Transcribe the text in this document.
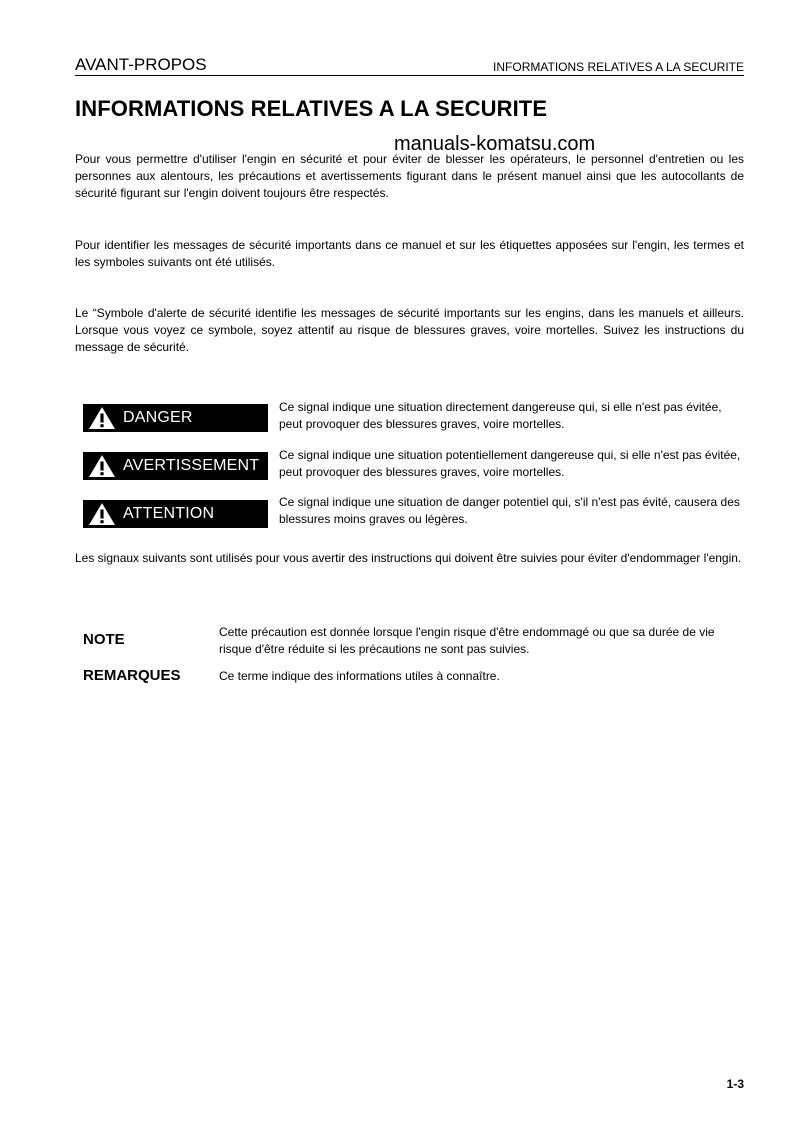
AVANT-PROPOS	INFORMATIONS RELATIVES A LA SECURITE
INFORMATIONS RELATIVES A LA SECURITE
manuals-komatsu.com

Pour vous permettre d'utiliser l'engin en sécurité et pour éviter de blesser les opérateurs, le personnel d'entretien ou les personnes aux alentours, les précautions et avertissements figurant dans le présent manuel ainsi que les autocollants de sécurité figurant sur l'engin doivent toujours être respectés.

Pour identifier les messages de sécurité importants dans ce manuel et sur les étiquettes apposées sur l'engin, les termes et les symboles suivants ont été utilisés.

Le “Symbole d'alerte de sécurité identifie les messages de sécurité importants sur les engins, dans les manuels et ailleurs. Lorsque vous voyez ce symbole, soyez attentif au risque de blessures graves, voire mortelles. Suivez les instructions du message de sécurité.

DANGER

Ce signal indique une situation directement dangereuse qui, si elle n'est pas évitée, peut provoquer des blessures graves, voire mortelles.

AVERTISSEMENT

Ce signal indique une situation potentiellement dangereuse qui, si elle n'est pas évitée, peut provoquer des blessures graves, voire mortelles.

ATTENTION

Ce signal indique une situation de danger potentiel qui, s'il n'est pas évité, causera des blessures moins graves ou légères.

Les signaux suivants sont utilisés pour vous avertir des instructions qui doivent être suivies pour éviter d'endommager l'engin.

NOTE	Cette précaution est donnée lorsque l'engin risque d'être endommagé ou que sa durée de vie risque d'être réduite si les précautions ne sont pas suivies.

REMARQUES	Ce terme indique des informations utiles à connaître.

1-3
